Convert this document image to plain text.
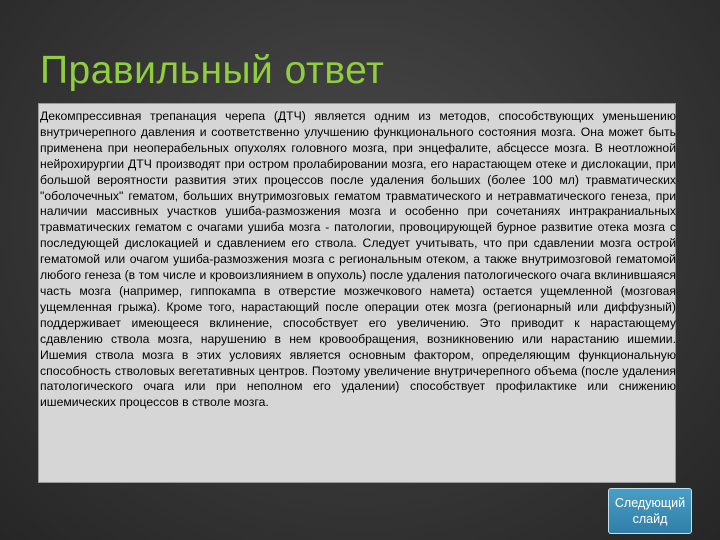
Правильный ответ

Декомпрессивная трепанация черепа (ДТЧ) является одним из методов, способствующих уменьшению внутричерепного давления и соответственно улучшению функционального состояния мозга. Она может быть применена при неоперабельных опухолях головного мозга, при энцефалите, абсцессе мозга. В неотложной нейрохирургии ДТЧ производят при остром пролабировании мозга, его нарастающем отеке и дислокации, при большой вероятности развития этих процессов после удаления больших (более 100 мл) травматических "оболочечных" гематом, больших внутримозговых гематом травматического и нетравматического генеза, при наличии массивных участков ушиба-размозжения мозга и особенно при сочетаниях интракраниальных травматических гематом с очагами ушиба мозга - патологии, провоцирующей бурное развитие отека мозга с последующей дислокацией и сдавлением его ствола. Следует учитывать, что при сдавлении мозга острой гематомой или очагом ушиба-размозжения мозга с региональным отеком, а также внутримозговой гематомой любого генеза (в том числе и кровоизлиянием в опухоль) после удаления патологического очага вклинившаяся часть мозга (например, гиппокампа в отверстие мозжечкового намета) остается ущемленной (мозговая ущемленная грыжа). Кроме того, нарастающий после операции отек мозга (регионарный или диффузный) поддерживает имеющееся вклинение, способствует его увеличению. Это приводит к нарастающему сдавлению ствола мозга, нарушению в нем кровообращения, возникновению или нарастанию ишемии. Ишемия ствола мозга в этих условиях является основным фактором, определяющим функциональную способность стволовых вегетативных центров. Поэтому увеличение внутричерепного объема (после удаления патологического очага или при неполном его удалении) способствует профилактике или снижению ишемических процессов в стволе мозга.

Следующий слайд
